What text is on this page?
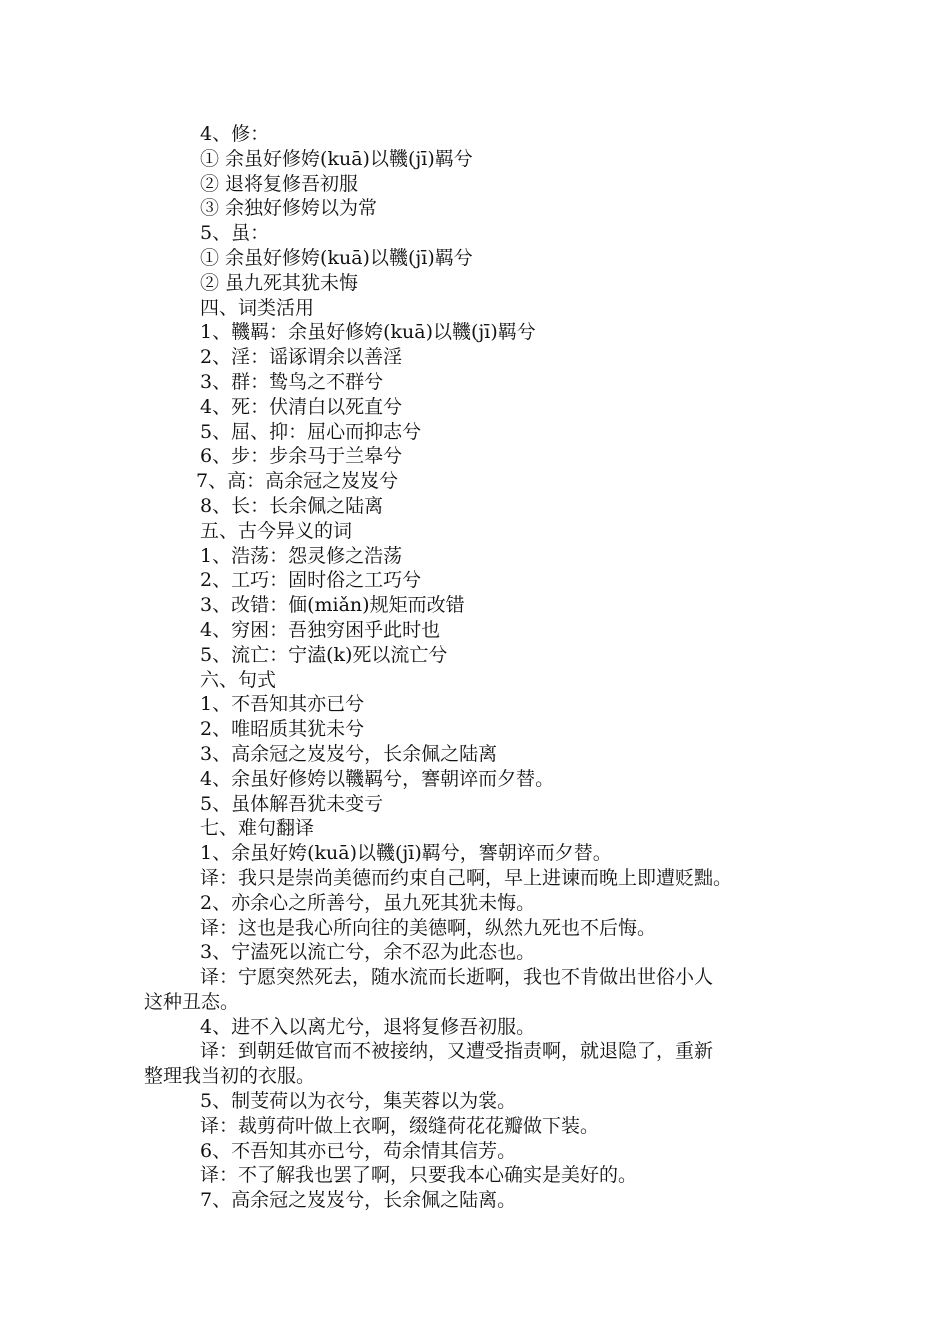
4、修：
① 余虽好修姱(kuā)以鞿(jī)羁兮
② 退将复修吾初服
③ 余独好修姱以为常
5、虽：
① 余虽好修姱(kuā)以鞿(jī)羁兮
② 虽九死其犹未悔
四、词类活用
1、鞿羁：余虽好修姱(kuā)以鞿(jī)羁兮
2、淫：谣诼谓余以善淫
3、群：鸷鸟之不群兮
4、死：伏清白以死直兮
5、屈、抑：屈心而抑志兮
6、步：步余马于兰皋兮
7、高：高余冠之岌岌兮
8、长：长余佩之陆离
五、古今异义的词
1、浩荡：怨灵修之浩荡
2、工巧：固时俗之工巧兮
3、改错：偭(miǎn)规矩而改错
4、穷困：吾独穷困乎此时也
5、流亡：宁溘(k)死以流亡兮
六、句式
1、不吾知其亦已兮
2、唯昭质其犹未兮
3、高余冠之岌岌兮，长余佩之陆离
4、余虽好修姱以鞿羁兮，謇朝谇而夕替。
5、虽体解吾犹未变亏
七、难句翻译
1、余虽好姱(kuā)以鞿(jī)羁兮，謇朝谇而夕替。
译：我只是崇尚美德而约束自己啊，早上进谏而晚上即遭贬黜。
2、亦余心之所善兮，虽九死其犹未悔。
译：这也是我心所向往的美德啊，纵然九死也不后悔。
3、宁溘死以流亡兮，余不忍为此态也。
译：宁愿突然死去，随水流而长逝啊，我也不肯做出世俗小人
这种丑态。
4、进不入以离尤兮，退将复修吾初服。
译：到朝廷做官而不被接纳，又遭受指责啊，就退隐了，重新
整理我当初的衣服。
5、制芰荷以为衣兮，集芙蓉以为裳。
译：裁剪荷叶做上衣啊，缀缝荷花花瓣做下装。
6、不吾知其亦已兮，苟余情其信芳。
译：不了解我也罢了啊，只要我本心确实是美好的。
7、高余冠之岌岌兮，长余佩之陆离。
